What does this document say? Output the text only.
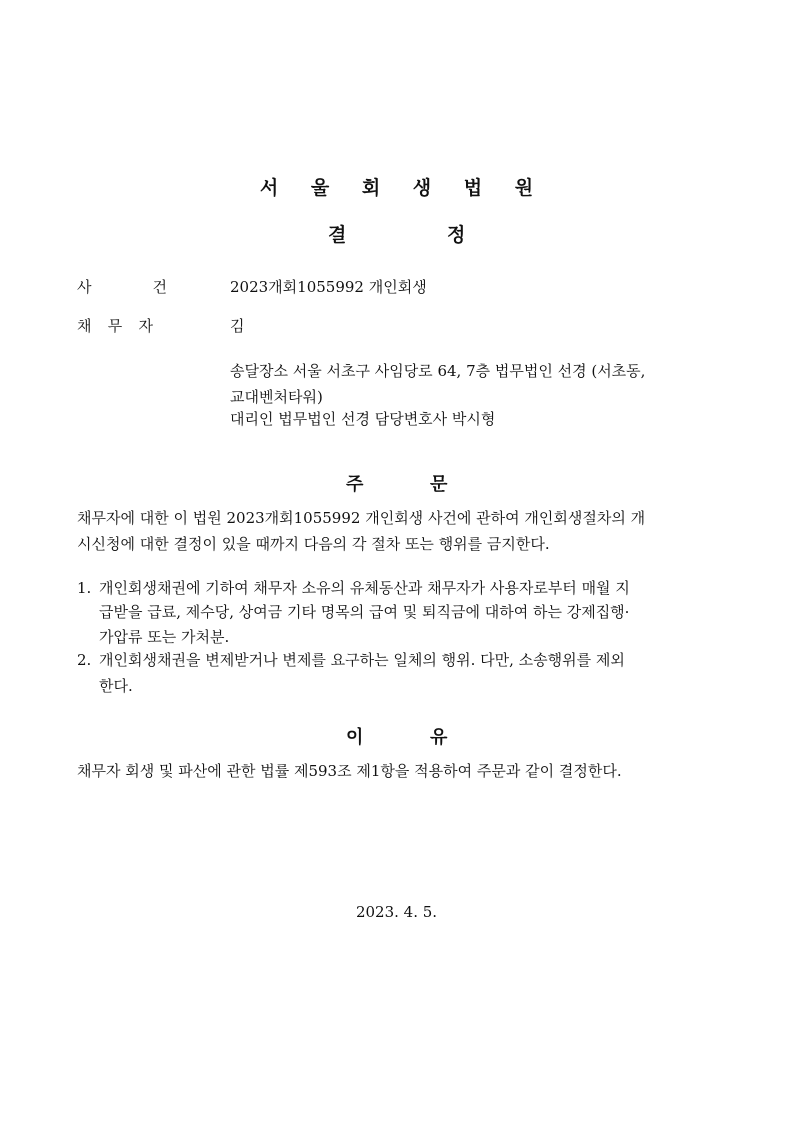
서 울 회 생 법 원
결	정
사	건	2023개회1055992 개인회생
채 무 자	김
송달장소 서울 서초구 사임당로 64, 7층 법무법인 선경 (서초동,
교대벤처타워)
대리인 법무법인 선경 담당변호사 박시형
주	문
채무자에 대한 이 법원 2023개회1055992 개인회생 사건에 관하여 개인회생절차의 개
시신청에 대한 결정이 있을 때까지 다음의 각 절차 또는 행위를 금지한다.
1. 개인회생채권에 기하여 채무자 소유의 유체동산과 채무자가 사용자로부터 매월 지
급받을 급료, 제수당, 상여금 기타 명목의 급여 및 퇴직금에 대하여 하는 강제집행·
가압류 또는 가처분.
2. 개인회생채권을 변제받거나 변제를 요구하는 일체의 행위. 다만, 소송행위를 제외
한다.
이	유
채무자 회생 및 파산에 관한 법률 제593조 제1항을 적용하여 주문과 같이 결정한다.
2023. 4. 5.
